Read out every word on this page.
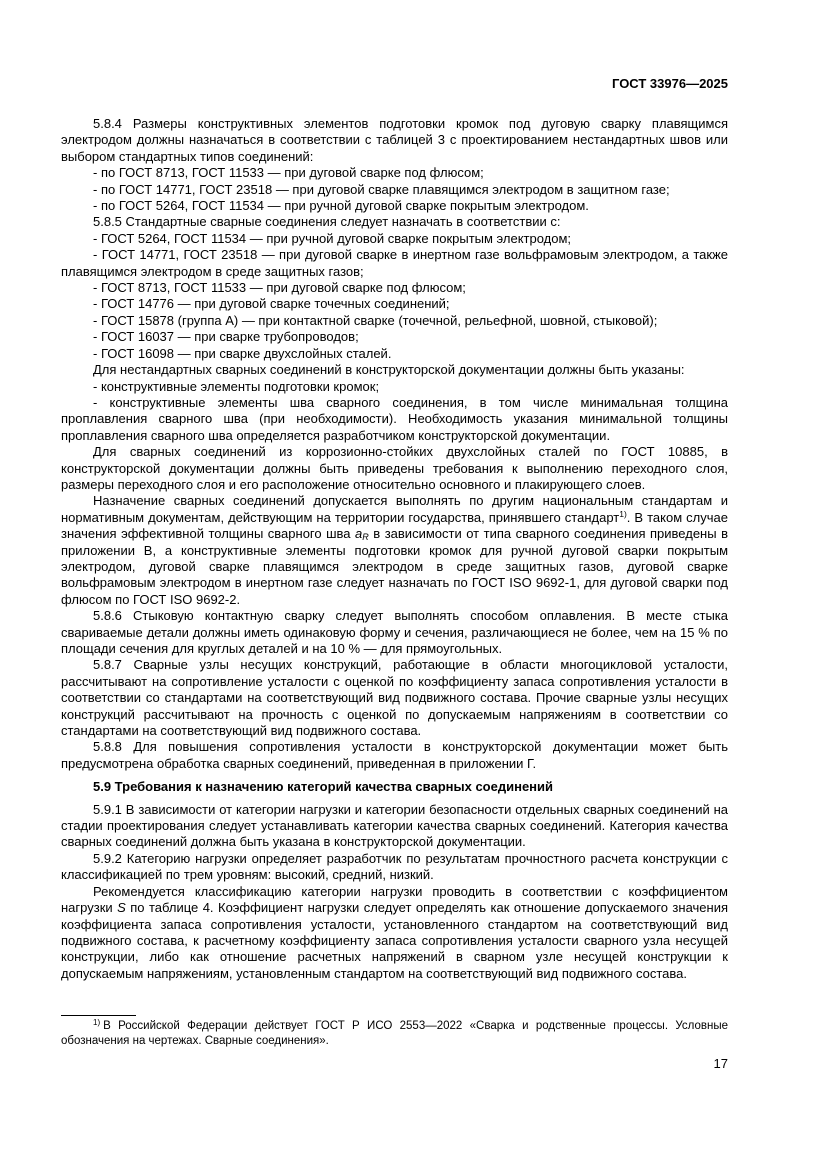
ГОСТ 33976—2025

5.8.4 Размеры конструктивных элементов подготовки кромок под дуговую сварку плавящимся электродом должны назначаться в соответствии с таблицей 3 с проектированием нестандартных швов или выбором стандартных типов соединений:

- по ГОСТ 8713, ГОСТ 11533 — при дуговой сварке под флюсом;

- по ГОСТ 14771, ГОСТ 23518 — при дуговой сварке плавящимся электродом в защитном газе;

- по ГОСТ 5264, ГОСТ 11534 — при ручной дуговой сварке покрытым электродом.

5.8.5 Стандартные сварные соединения следует назначать в соответствии с:

- ГОСТ 5264, ГОСТ 11534 — при ручной дуговой сварке покрытым электродом;

- ГОСТ 14771, ГОСТ 23518 — при дуговой сварке в инертном газе вольфрамовым электродом, а также плавящимся электродом в среде защитных газов;

- ГОСТ 8713, ГОСТ 11533 — при дуговой сварке под флюсом;

- ГОСТ 14776 — при дуговой сварке точечных соединений;

- ГОСТ 15878 (группа А) — при контактной сварке (точечной, рельефной, шовной, стыковой);

- ГОСТ 16037 — при сварке трубопроводов;

- ГОСТ 16098 — при сварке двухслойных сталей.

Для нестандартных сварных соединений в конструкторской документации должны быть указаны:

- конструктивные элементы подготовки кромок;

- конструктивные элементы шва сварного соединения, в том числе минимальная толщина проплавления сварного шва (при необходимости). Необходимость указания минимальной толщины проплавления сварного шва определяется разработчиком конструкторской документации.

Для сварных соединений из коррозионно-стойких двухслойных сталей по ГОСТ 10885, в конструкторской документации должны быть приведены требования к выполнению переходного слоя, размеры переходного слоя и его расположение относительно основного и плакирующего слоев.

Назначение сварных соединений допускается выполнять по другим национальным стандартам и нормативным документам, действующим на территории государства, принявшего стандарт$^{1)}$. В таком случае значения эффективной толщины сварного шва $a_R$ в зависимости от типа сварного соединения приведены в приложении В, а конструктивные элементы подготовки кромок для ручной дуговой сварки покрытым электродом, дуговой сварке плавящимся электродом в среде защитных газов, дуговой сварке вольфрамовым электродом в инертном газе следует назначать по ГОСТ ISO 9692-1, для дуговой сварки под флюсом по ГОСТ ISO 9692-2.

5.8.6 Стыковую контактную сварку следует выполнять способом оплавления. В месте стыка свариваемые детали должны иметь одинаковую форму и сечения, различающиеся не более, чем на 15 % по площади сечения для круглых деталей и на 10 % — для прямоугольных.

5.8.7 Сварные узлы несущих конструкций, работающие в области многоцикловой усталости, рассчитывают на сопротивление усталости с оценкой по коэффициенту запаса сопротивления усталости в соответствии со стандартами на соответствующий вид подвижного состава. Прочие сварные узлы несущих конструкций рассчитывают на прочность с оценкой по допускаемым напряжениям в соответствии со стандартами на соответствующий вид подвижного состава.

5.8.8 Для повышения сопротивления усталости в конструкторской документации может быть предусмотрена обработка сварных соединений, приведенная в приложении Г.

5.9 Требования к назначению категорий качества сварных соединений

5.9.1 В зависимости от категории нагрузки и категории безопасности отдельных сварных соединений на стадии проектирования следует устанавливать категории качества сварных соединений. Категория качества сварных соединений должна быть указана в конструкторской документации.

5.9.2 Категорию нагрузки определяет разработчик по результатам прочностного расчета конструкции с классификацией по трем уровням: высокий, средний, низкий.

Рекомендуется классификацию категории нагрузки проводить в соответствии с коэффициентом нагрузки S по таблице 4. Коэффициент нагрузки следует определять как отношение допускаемого значения коэффициента запаса сопротивления усталости, установленного стандартом на соответствующий вид подвижного состава, к расчетному коэффициенту запаса сопротивления усталости сварного узла несущей конструкции, либо как отношение расчетных напряжений в сварном узле несущей конструкции к допускаемым напряжениям, установленным стандартом на соответствующий вид подвижного состава.

$^{1)}$ В Российской Федерации действует ГОСТ Р ИСО 2553—2022 «Сварка и родственные процессы. Условные обозначения на чертежах. Сварные соединения».

17
